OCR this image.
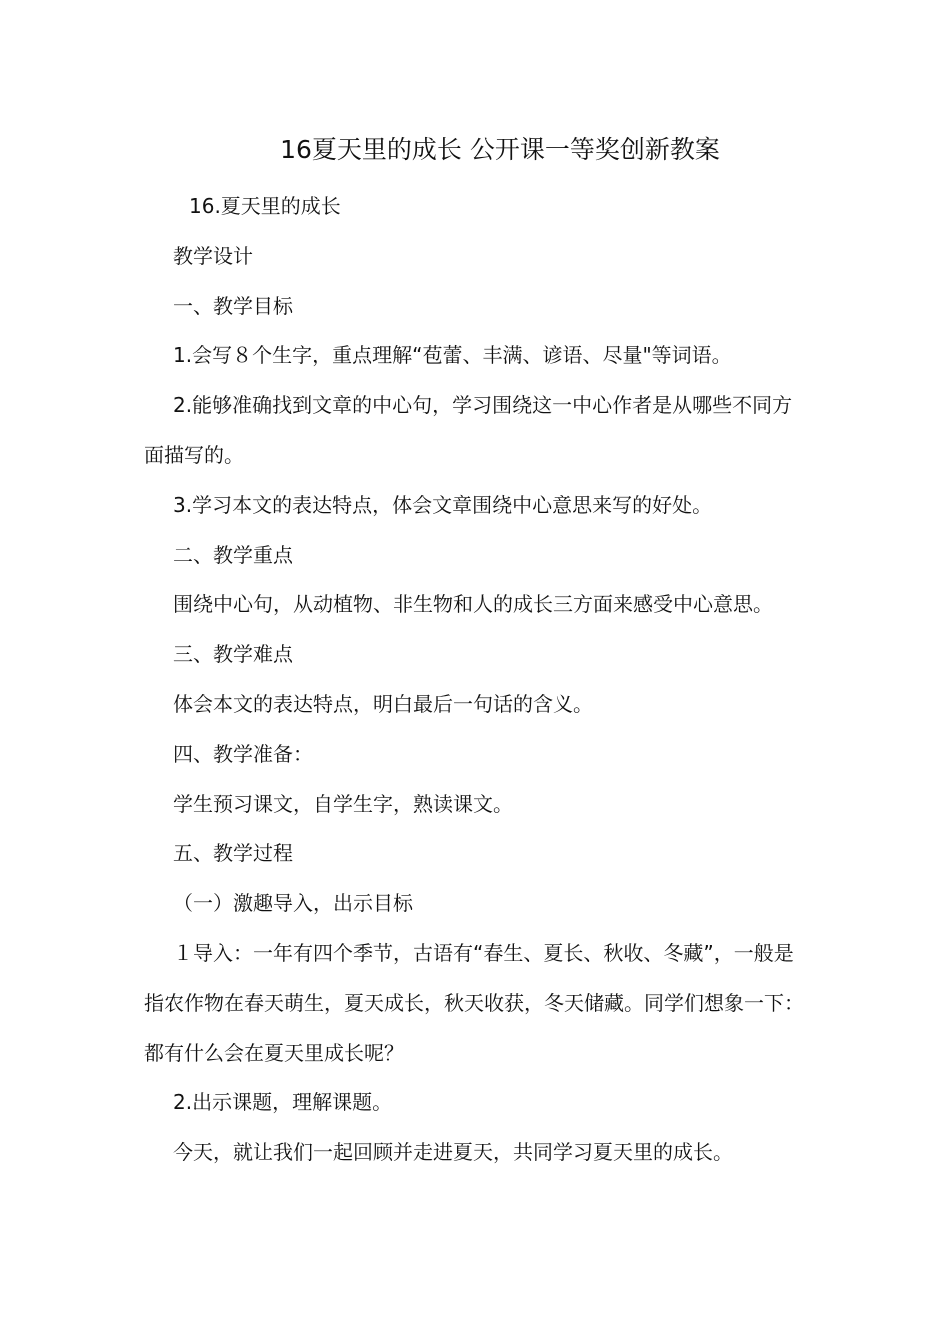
16夏天里的成长 公开课一等奖创新教案

16.夏天里的成长

教学设计

一、教学目标

1.会写８个生字，重点理解“苞蕾、丰满、谚语、尽量"等词语。

2.能够准确找到文章的中心句，学习围绕这一中心作者是从哪些不同方面描写的。

3.学习本文的表达特点，体会文章围绕中心意思来写的好处。

二、教学重点

围绕中心句，从动植物、非生物和人的成长三方面来感受中心意思。

三、教学难点

体会本文的表达特点，明白最后一句话的含义。

四、教学准备：

学生预习课文，自学生字，熟读课文。

五、教学过程

（一）激趣导入，出示目标

１导入：一年有四个季节，古语有“春生、夏长、秋收、冬藏”，一般是指农作物在春天萌生，夏天成长，秋天收获，冬天储藏。同学们想象一下：都有什么会在夏天里成长呢？

2.出示课题，理解课题。

今天，就让我们一起回顾并走进夏天，共同学习夏天里的成长。
